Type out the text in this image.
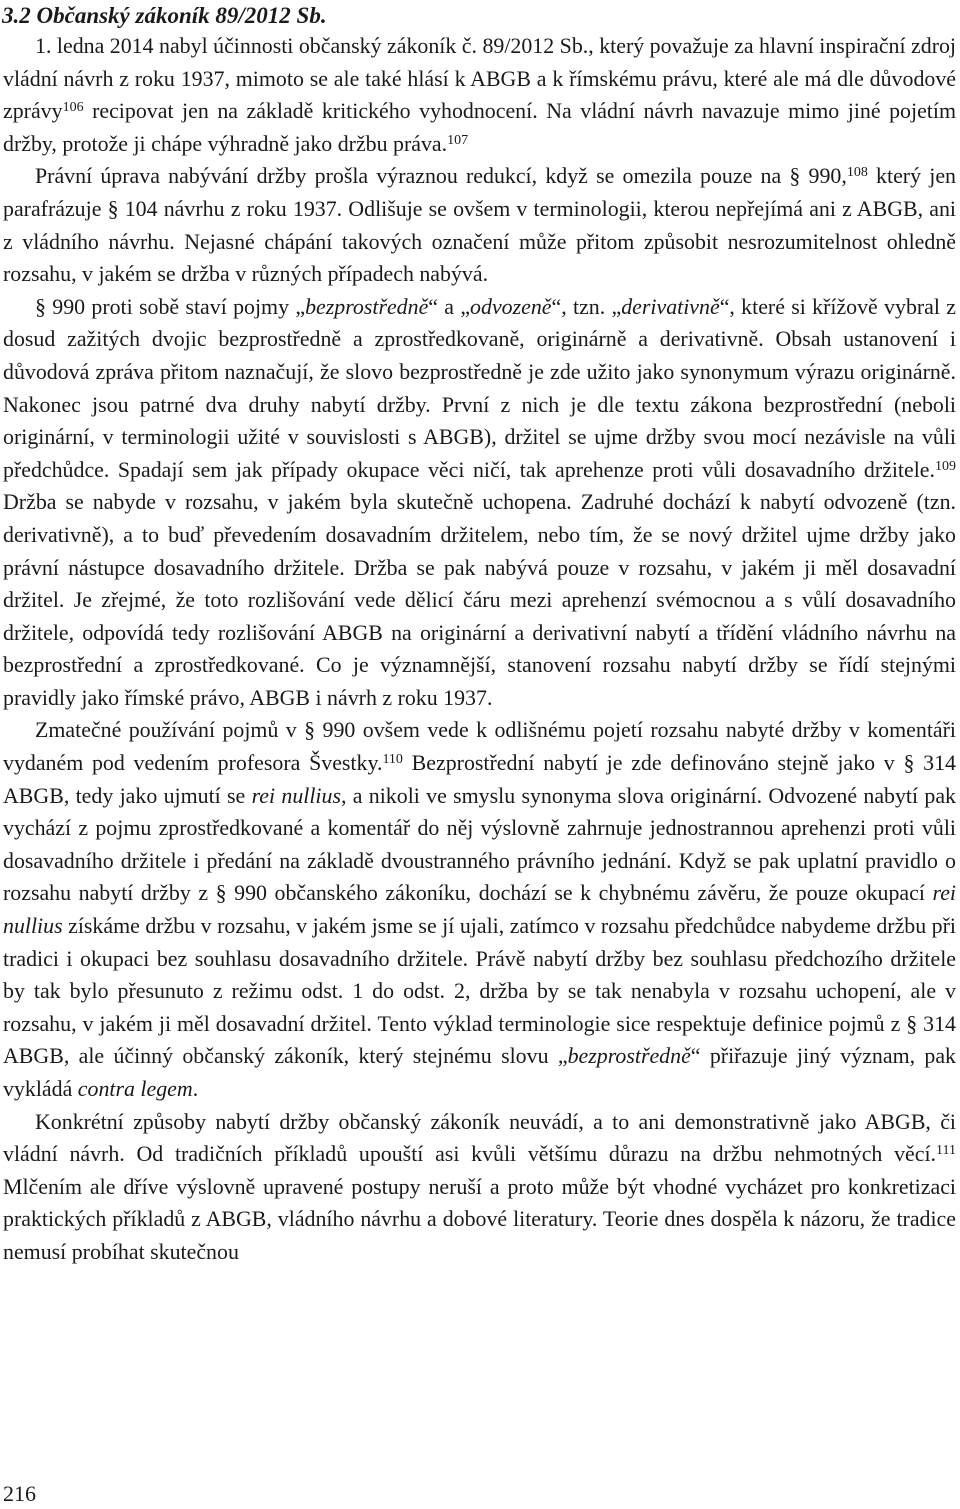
3.2 Občanský zákoník 89/2012 Sb.

1. ledna 2014 nabyl účinnosti občanský zákoník č. 89/2012 Sb., který považuje za hlavní inspirační zdroj vládní návrh z roku 1937, mimoto se ale také hlásí k ABGB a k římskému právu, které ale má dle důvodové zprávy$^{106}$ recipovat jen na základě kritického vyhodnocení. Na vládní návrh navazuje mimo jiné pojetím držby, protože ji chápe výhradně jako držbu práva.$^{107}$

Právní úprava nabývání držby prošla výraznou redukcí, když se omezila pouze na § 990,$^{108}$ který jen parafrázuje § 104 návrhu z roku 1937. Odlišuje se ovšem v terminologii, kterou nepřejímá ani z ABGB, ani z vládního návrhu. Nejasné chápání takových označení může přitom způsobit nesrozumitelnost ohledně rozsahu, v jakém se držba v různých případech nabývá.

§ 990 proti sobě staví pojmy „bezprostředně“ a „odvozeně“, tzn. „derivativně“, které si křížově vybral z dosud zažitých dvojic bezprostředně a zprostředkovaně, originárně a derivativně. Obsah ustanovení i důvodová zpráva přitom naznačují, že slovo bezprostředně je zde užito jako synonymum výrazu originárně. Nakonec jsou patrné dva druhy nabytí držby. První z nich je dle textu zákona bezprostřední (neboli originární, v terminologii užité v souvislosti s ABGB), držitel se ujme držby svou mocí nezávisle na vůli předchůdce. Spadají sem jak případy okupace věci ničí, tak aprehenze proti vůli dosavadního držitele.$^{109}$ Držba se nabyde v rozsahu, v jakém byla skutečně uchopena. Zadruhé dochází k nabytí odvozeně (tzn. derivativně), a to buď převedením dosavadním držitelem, nebo tím, že se nový držitel ujme držby jako právní nástupce dosavadního držitele. Držba se pak nabývá pouze v rozsahu, v jakém ji měl dosavadní držitel. Je zřejmé, že toto rozlišování vede dělicí čáru mezi aprehenzí svémocnou a s vůlí dosavadního držitele, odpovídá tedy rozlišování ABGB na originární a derivativní nabytí a třídění vládního návrhu na bezprostřední a zprostředkované. Co je významnější, stanovení rozsahu nabytí držby se řídí stejnými pravidly jako římské právo, ABGB i návrh z roku 1937.

Zmatečné používání pojmů v § 990 ovšem vede k odlišnému pojetí rozsahu nabyté držby v komentáři vydaném pod vedením profesora Švestky.$^{110}$ Bezprostřední nabytí je zde definováno stejně jako v § 314 ABGB, tedy jako ujmutí se rei nullius, a nikoli ve smyslu synonyma slova originární. Odvozené nabytí pak vychází z pojmu zprostředkované a komentář do něj výslovně zahrnuje jednostrannou aprehenzi proti vůli dosavadního držitele i předání na základě dvoustranného právního jednání. Když se pak uplatní pravidlo o rozsahu nabytí držby z § 990 občanského zákoníku, dochází se k chybnému závěru, že pouze okupací rei nullius získáme držbu v rozsahu, v jakém jsme se jí ujali, zatímco v rozsahu předchůdce nabydeme držbu při tradici i okupaci bez souhlasu dosavadního držitele. Právě nabytí držby bez souhlasu předchozího držitele by tak bylo přesunuto z režimu odst. 1 do odst. 2, držba by se tak nenabyla v rozsahu uchopení, ale v rozsahu, v jakém ji měl dosavadní držitel. Tento výklad terminologie sice respektuje definice pojmů z § 314 ABGB, ale účinný občanský zákoník, který stejnému slovu „bezprostředně“ přiřazuje jiný význam, pak vykládá contra legem.

Konkrétní způsoby nabytí držby občanský zákoník neuvádí, a to ani demonstrativně jako ABGB, či vládní návrh. Od tradičních příkladů upouští asi kvůli většímu důrazu na držbu nehmotných věcí.$^{111}$ Mlčením ale dříve výslovně upravené postupy neruší a proto může být vhodné vycházet pro konkretizaci praktických příkladů z ABGB, vládního návrhu a dobové literatury. Teorie dnes dospěla k názoru, že tradice nemusí probíhat skutečnou

216
